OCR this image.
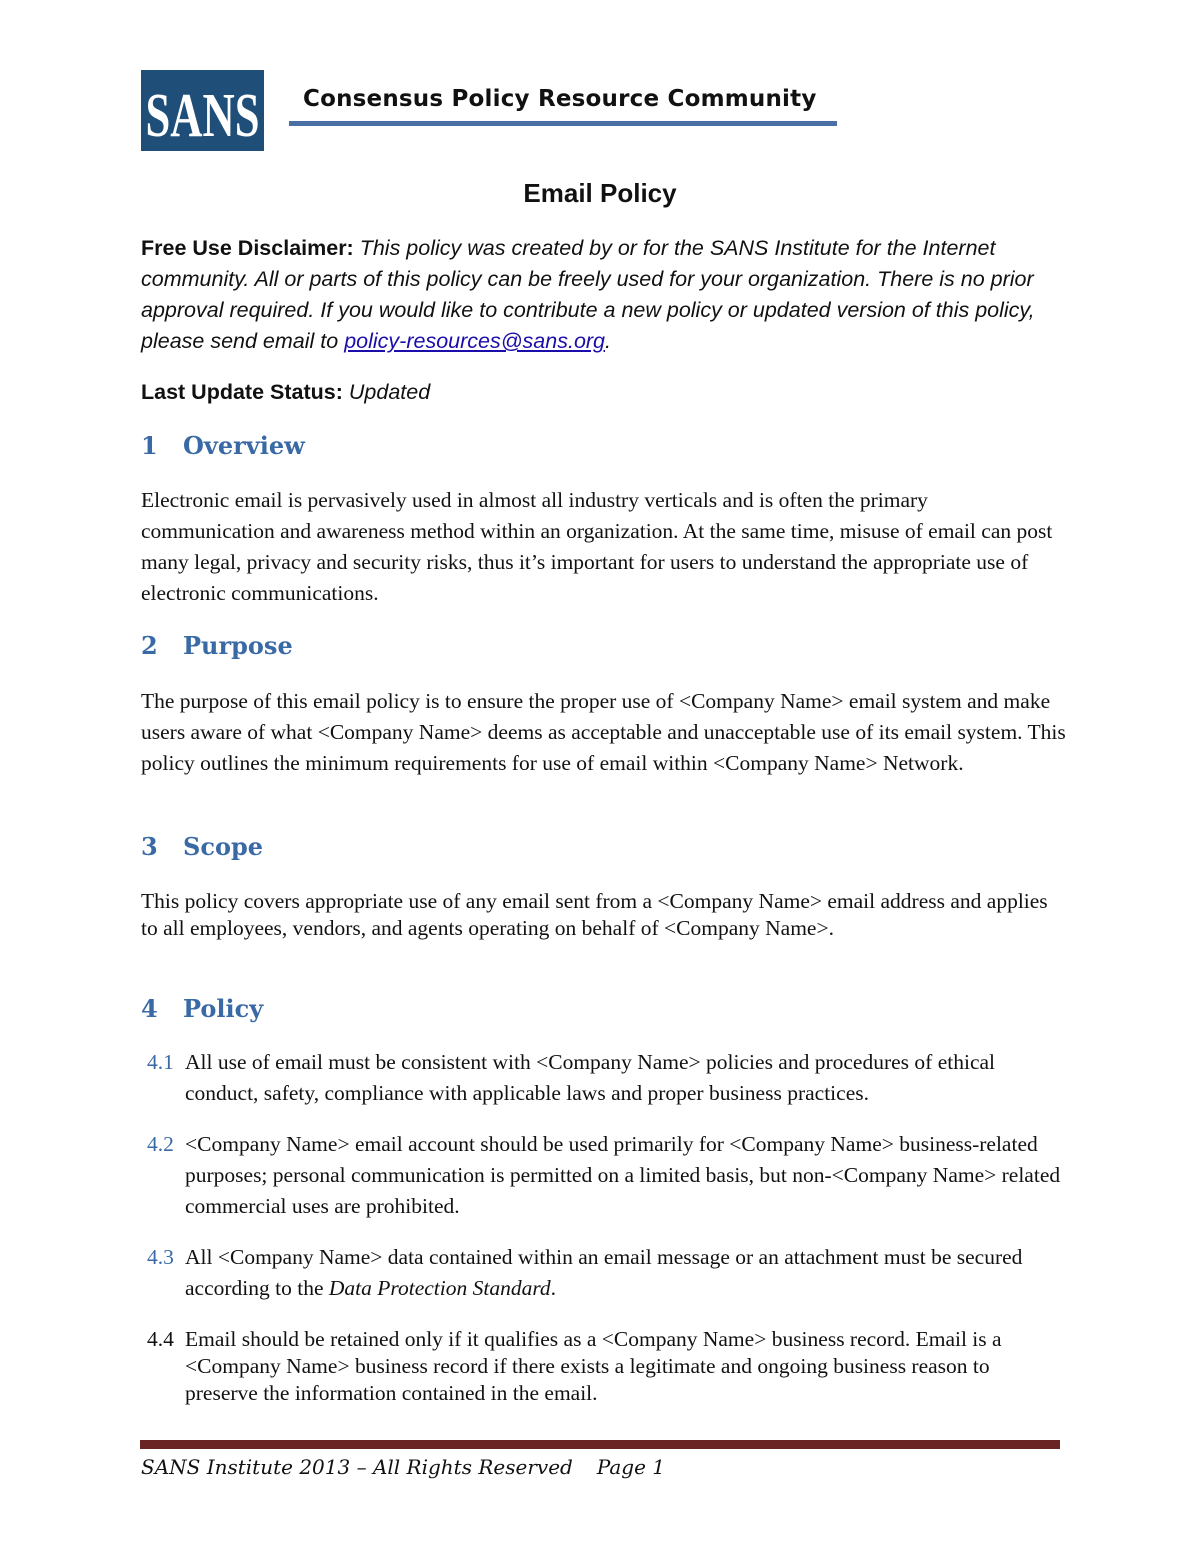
SANS Consensus Policy Resource Community
Email Policy
Free Use Disclaimer: This policy was created by or for the SANS Institute for the Internet community. All or parts of this policy can be freely used for your organization. There is no prior approval required. If you would like to contribute a new policy or updated version of this policy, please send email to policy-resources@sans.org.
Last Update Status: Updated
1 Overview
Electronic email is pervasively used in almost all industry verticals and is often the primary communication and awareness method within an organization. At the same time, misuse of email can post many legal, privacy and security risks, thus it’s important for users to understand the appropriate use of electronic communications.
2 Purpose
The purpose of this email policy is to ensure the proper use of <Company Name> email system and make users aware of what <Company Name> deems as acceptable and unacceptable use of its email system. This policy outlines the minimum requirements for use of email within <Company Name> Network.
3 Scope
This policy covers appropriate use of any email sent from a <Company Name> email address and applies to all employees, vendors, and agents operating on behalf of <Company Name>.
4 Policy
4.1 All use of email must be consistent with <Company Name> policies and procedures of ethical conduct, safety, compliance with applicable laws and proper business practices.
4.2 <Company Name> email account should be used primarily for <Company Name> business-related purposes; personal communication is permitted on a limited basis, but non-<Company Name> related commercial uses are prohibited.
4.3 All <Company Name> data contained within an email message or an attachment must be secured according to the Data Protection Standard.
4.4 Email should be retained only if it qualifies as a <Company Name> business record. Email is a <Company Name> business record if there exists a legitimate and ongoing business reason to preserve the information contained in the email.
SANS Institute 2013 – All Rights Reserved Page 1
